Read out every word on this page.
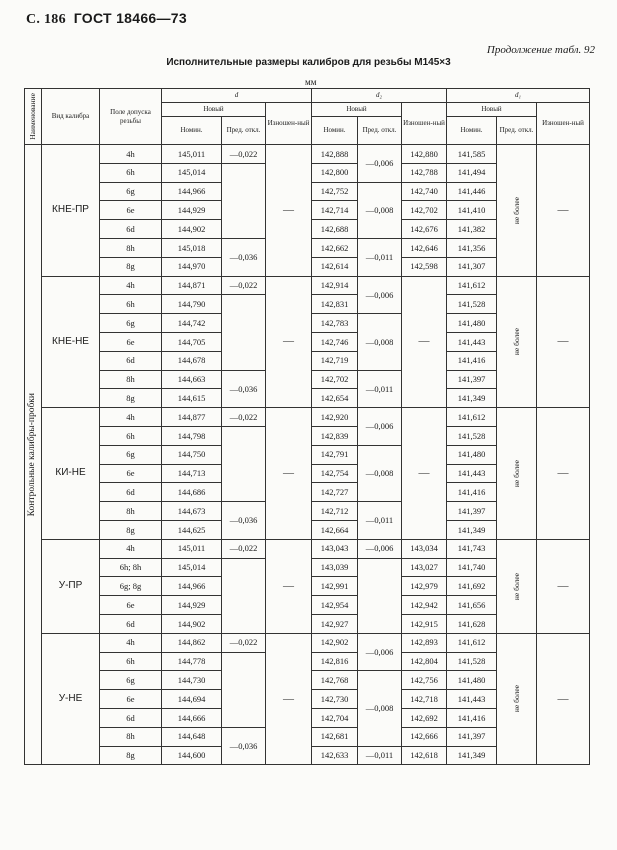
С. 186 ГОСТ 18466—73
Продолжение табл. 92
Исполнительные размеры калибров для резьбы М145×3
мм
Наименование	Вид калибра	Поле допуска резьбы	d			d₂			d₁		
			Новый		Изношен-ный	Новый		Изношен-ный	Новый		Изношен-ный
			Номин.	Пред. откл.		Номин.	Пред. откл.		Номин.	Пред. откл.	

Контрольные калибры-пробки	КНЕ-ПР	4h	145,011	—0,022	—	142,888	—0,006	142,880	141,585	не более	—
		6h	145,014			142,800		142,788	141,494		
		6g	144,966			142,752	—0,008	142,740	141,446		
		6e	144,929			142,714		142,702	141,410		
		6d	144,902			142,688		142,676	141,382		
		8h	145,018	—0,036		142,662	—0,011	142,646	141,356		
		8g	144,970			142,614		142,598	141,307		
	КНЕ-НЕ	4h	144,871	—0,022	—	142,914	—0,006	—	141,612	не более	—
		6h	144,790			142,831			141,528		
		6g	144,742			142,783	—0,008		141,480		
		6e	144,705			142,746			141,443		
		6d	144,678			142,719			141,416		
		8h	144,663	—0,036		142,702	—0,011		141,397		
		8g	144,615			142,654			141,349		
	КИ-НЕ	4h	144,877	—0,022	—	142,920	—0,006	—	141,612	не более	—
		6h	144,798			142,839			141,528		
		6g	144,750			142,791	—0,008		141,480		
		6e	144,713			142,754			141,443		
		6d	144,686			142,727			141,416		
		8h	144,673	—0,036		142,712	—0,011		141,397		
		8g	144,625			142,664			141,349		
	У-ПР	4h	145,011	—0,022	—	143,043	—0,006	143,034	141,743	не более	—
		6h; 8h	145,014			143,039		143,027	141,740		
		6g; 8g	144,966			142,991		142,979	141,692		
		6e	144,929			142,954		142,942	141,656		
		6d	144,902			142,927		142,915	141,628		
	У-НЕ	4h	144,862	—0,022	—	142,902	—0,006	142,893	141,612	не более	—
		6h	144,778			142,816		142,804	141,528		
		6g	144,730			142,768	—0,008	142,756	141,480		
		6e	144,694			142,730		142,718	141,443		
		6d	144,666			142,704		142,692	141,416		
		8h	144,648	—0,036		142,681		142,666	141,397		
		8g	144,600			142,633	—0,011	142,618	141,349		
